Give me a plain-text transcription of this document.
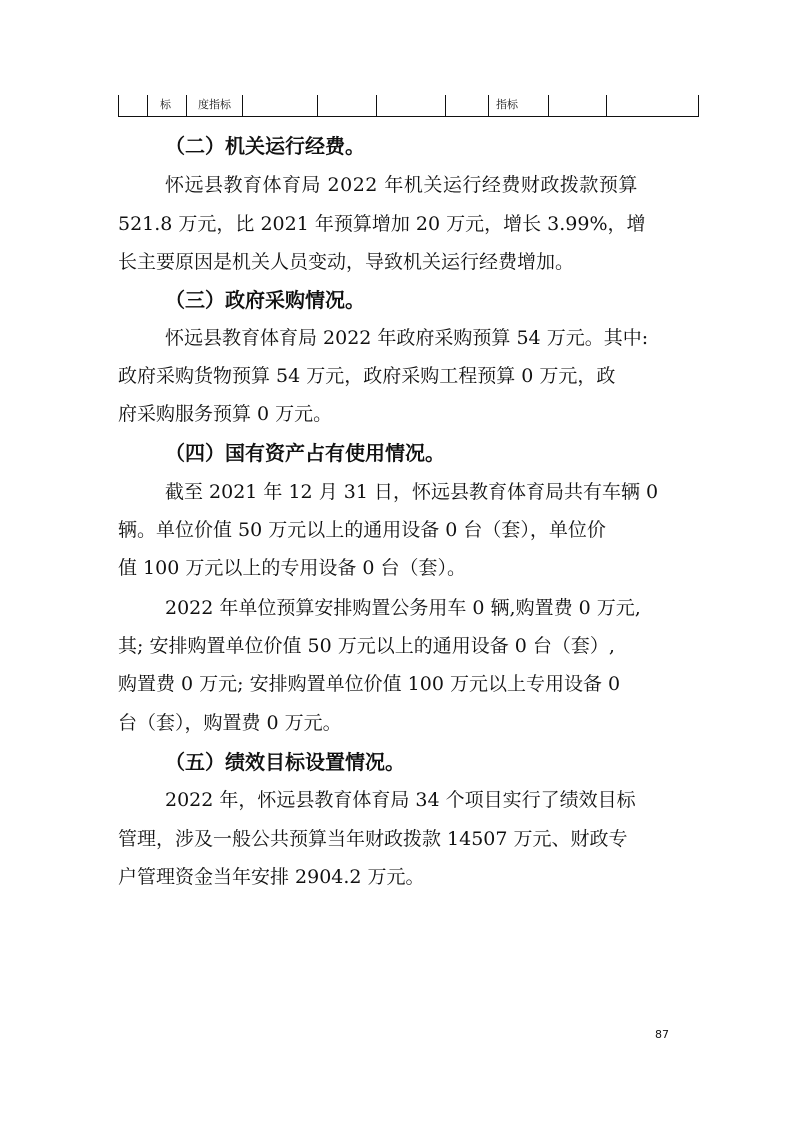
标 度指标	指标
（二）机关运行经费。
怀远县教育体育局 2022 年机关运行经费财政拨款预算
521.8 万元，比 2021 年预算增加 20 万元，增长 3.99%，增
长主要原因是机关人员变动，导致机关运行经费增加。
（三）政府采购情况。
怀远县教育体育局 2022 年政府采购预算 54 万元。其中:
政府采购货物预算 54 万元，政府采购工程预算 0 万元，政
府采购服务预算 0 万元。
（四）国有资产占有使用情况。
截至 2021 年 12 月 31 日，怀远县教育体育局共有车辆 0
辆。单位价值 50 万元以上的通用设备 0 台（套），单位价
值 100 万元以上的专用设备 0 台（套）。
2022 年单位预算安排购置公务用车 0 辆,购置费 0 万元,
其; 安排购置单位价值 50 万元以上的通用设备 0 台（套）,
购置费 0 万元; 安排购置单位价值 100 万元以上专用设备 0
台（套），购置费 0 万元。
（五）绩效目标设置情况。
2022 年，怀远县教育体育局 34 个项目实行了绩效目标
管理，涉及一般公共预算当年财政拨款 14507 万元、财政专
户管理资金当年安排 2904.2 万元。
87
